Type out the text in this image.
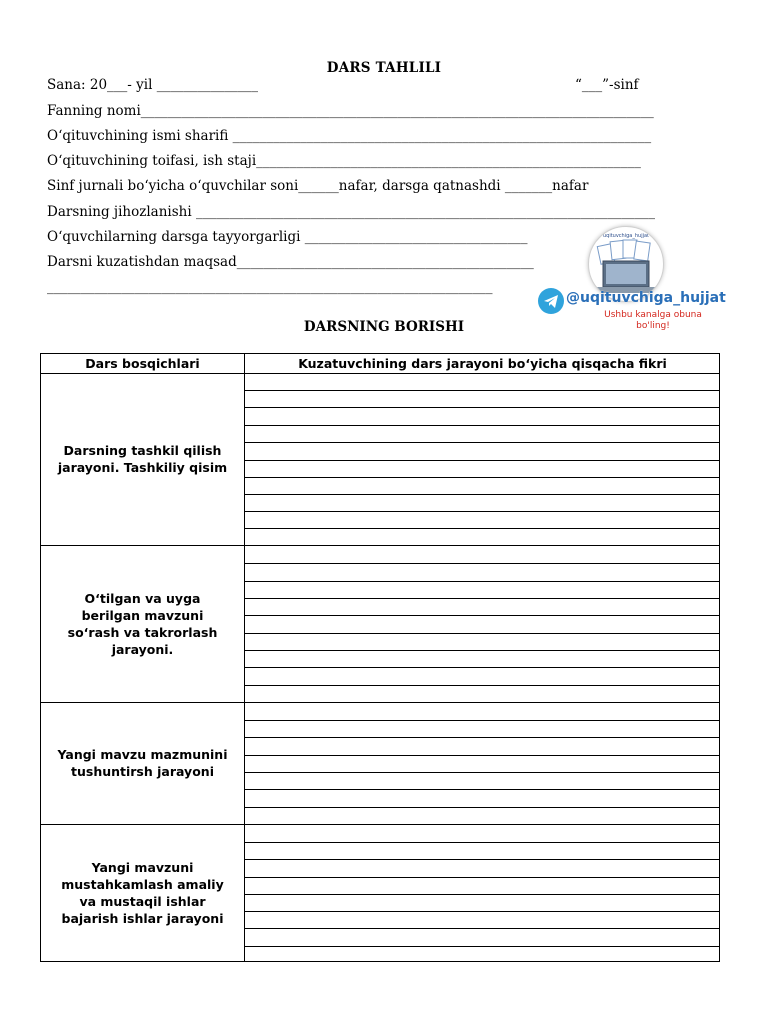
DARS TAHLILI
Sana: 20___- yil _______________	“___”-sinf
Fanning nomi____________________________________________________________________________
O‘qituvchining ismi sharifi ______________________________________________________________
O‘qituvchining toifasi, ish staji_________________________________________________________
Sinf jurnali bo‘yicha o‘quvchilar soni______nafar, darsga qatnashdi _______nafar
Darsning jihozlanishi ____________________________________________________________________
O‘quvchilarning darsga tayyorgarligi _________________________________
Darsni kuzatishdan maqsad____________________________________________
__________________________________________________________________
uqituvchiga_hujjat
@uqituvchiga_hujjat
Ushbu kanalga obuna bo'ling!
DARSNING BORISHI
Dars bosqichlari	Kuzatuvchining dars jarayoni bo‘yicha qisqacha fikri
Darsning tashkil qilish jarayoni. Tashkiliy qisim
O‘tilgan va uyga berilgan mavzuni so‘rash va takrorlash jarayoni.
Yangi mavzu mazmunini tushuntirsh jarayoni
Yangi mavzuni mustahkamlash amaliy va mustaqil ishlar bajarish ishlar jarayoni
